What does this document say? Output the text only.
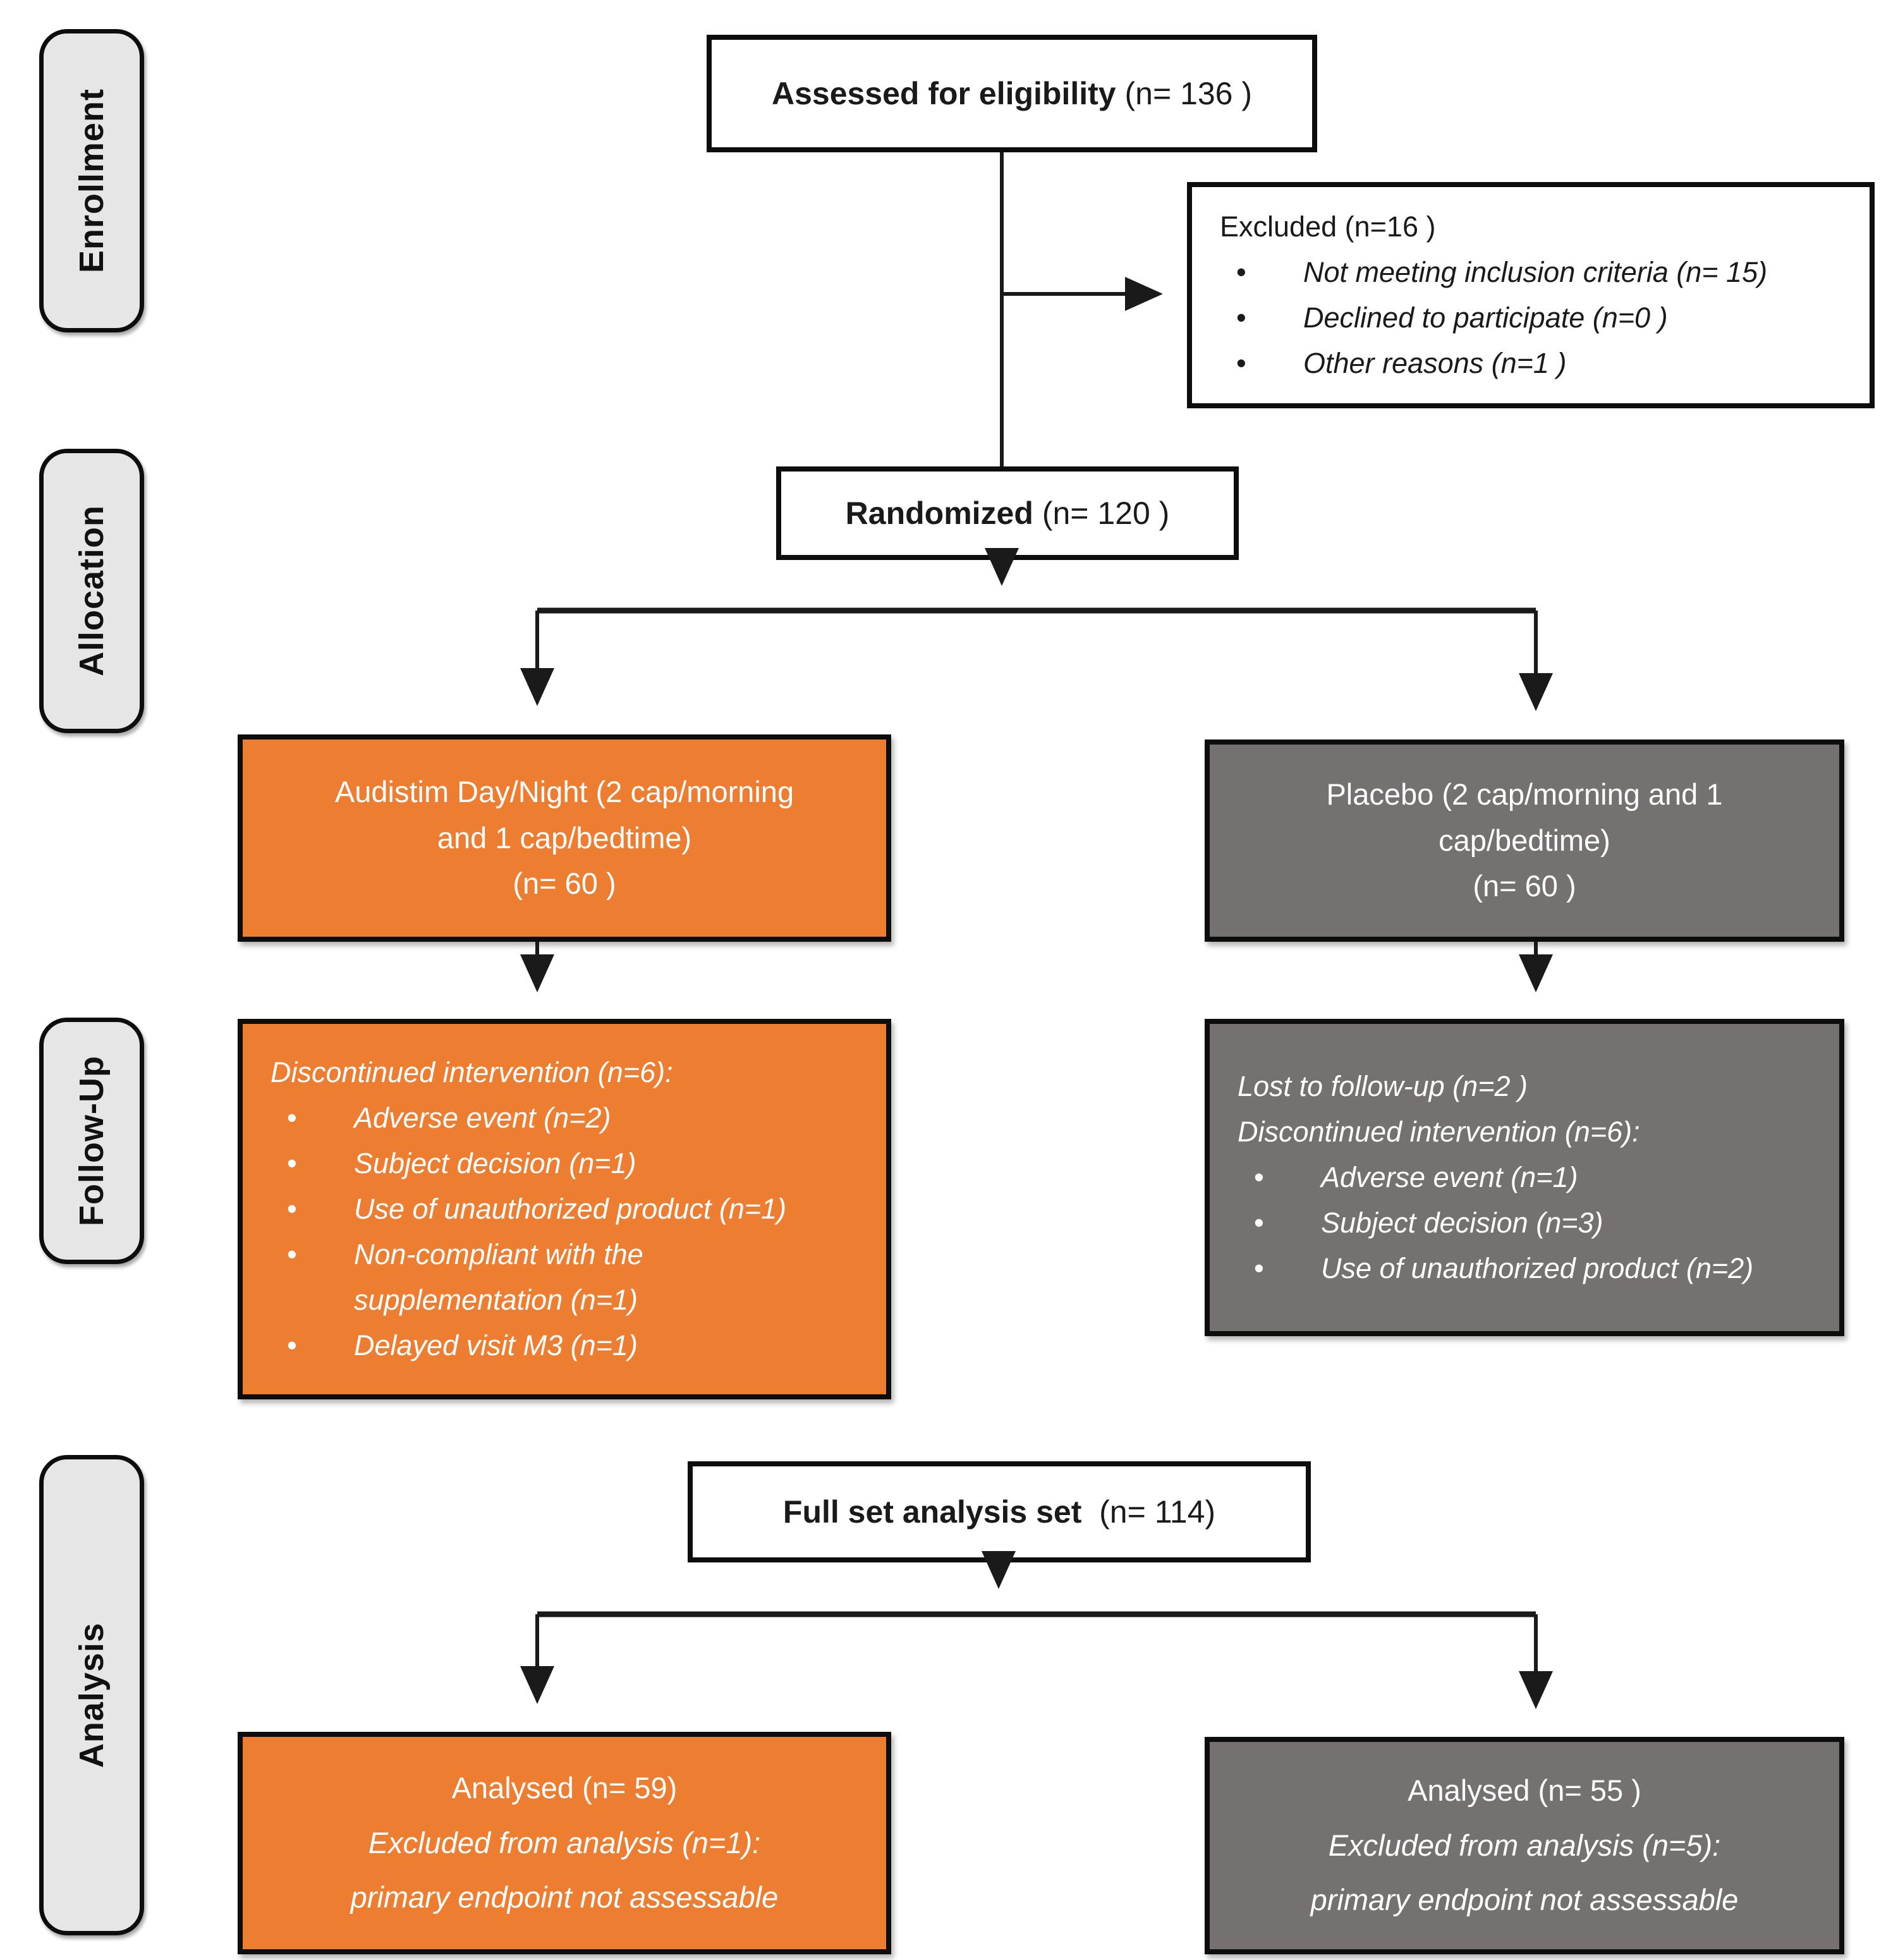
Enrollment
Allocation
Follow-Up
Analysis
Assessed for eligibility (n= 136 )
Excluded (n=16 )
• Not meeting inclusion criteria (n= 15)
• Declined to participate (n=0 )
• Other reasons (n=1 )
Randomized (n= 120 )
Audistim Day/Night (2 cap/morning
and 1 cap/bedtime)
(n= 60 )
Placebo (2 cap/morning and 1
cap/bedtime)
(n= 60 )
Discontinued intervention (n=6):
• Adverse event (n=2)
• Subject decision (n=1)
• Use of unauthorized product (n=1)
• Non-compliant with the supplementation (n=1)
• Delayed visit M3 (n=1)
Lost to follow-up (n=2 )
Discontinued intervention (n=6):
• Adverse event (n=1)
• Subject decision (n=3)
• Use of unauthorized product (n=2)
Full set analysis set (n= 114)
Analysed (n= 59)
Excluded from analysis (n=1):
primary endpoint not assessable
Analysed (n= 55 )
Excluded from analysis (n=5):
primary endpoint not assessable
